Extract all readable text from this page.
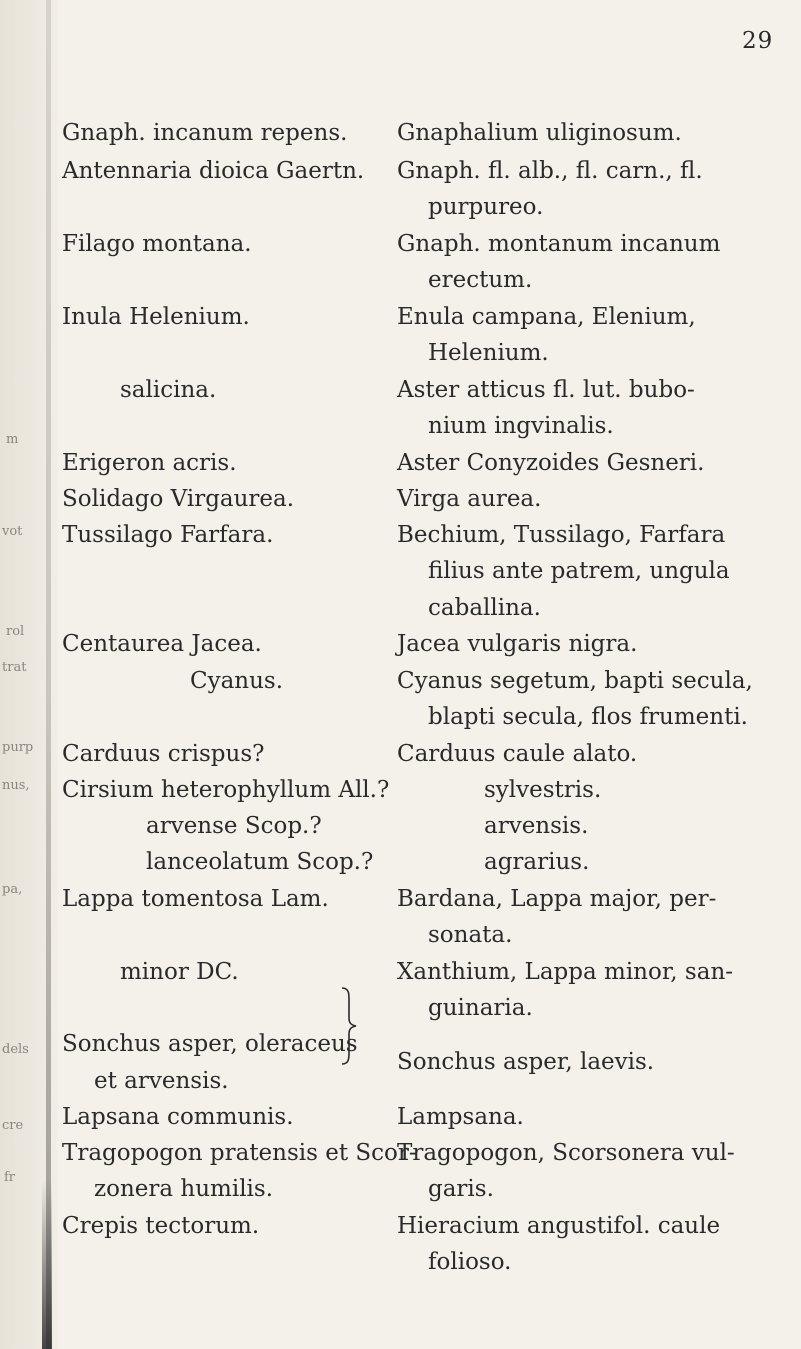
m
vot
rol
trat
purp
nus,
pa,
dels
cre
fr
29
Gnaph. incanum repens.
Antennaria dioica Gaertn.
Filago montana.
Inula Helenium.
salicina.
Erigeron acris.
Solidago Virgaurea.
Tussilago Farfara.
Centaurea Jacea.
Cyanus.
Carduus crispus?
Cirsium heterophyllum All.?
arvense Scop.?
lanceolatum Scop.?
Lappa tomentosa Lam.
minor DC.
Sonchus asper, oleraceus
et arvensis.
Lapsana communis.
Tragopogon pratensis et Scor-
zonera humilis.
Crepis tectorum.
Gnaphalium uliginosum.
Gnaph. fl. alb., fl. carn., fl.
purpureo.
Gnaph. montanum incanum
erectum.
Enula campana, Elenium,
Helenium.
Aster atticus fl. lut. bubo-
nium ingvinalis.
Aster Conyzoides Gesneri.
Virga aurea.
Bechium, Tussilago, Farfara
filius ante patrem, ungula
caballina.
Jacea vulgaris nigra.
Cyanus segetum, bapti secula,
blapti secula, flos frumenti.
Carduus caule alato.
sylvestris.
arvensis.
agrarius.
Bardana, Lappa major, per-
sonata.
Xanthium, Lappa minor, san-
guinaria.
Sonchus asper, laevis.
Lampsana.
Tragopogon, Scorsonera vul-
garis.
Hieracium angustifol. caule
folioso.
